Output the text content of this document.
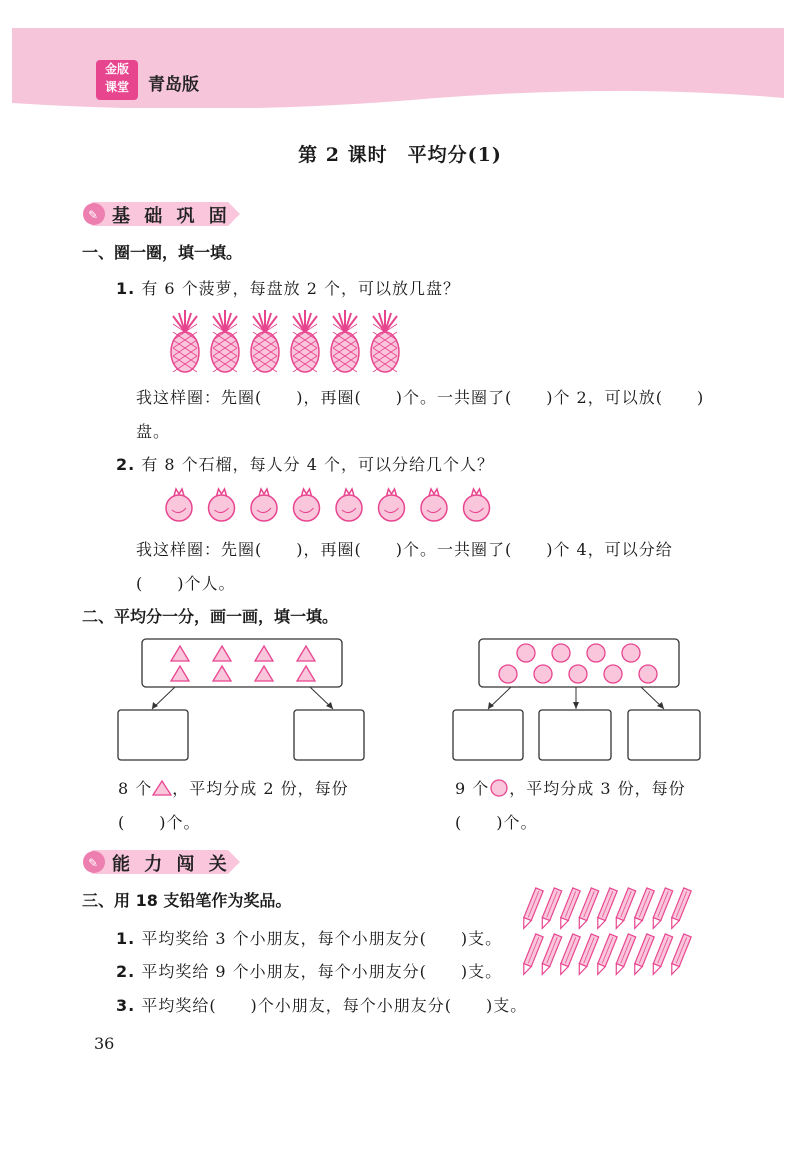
金版
课堂	青岛版
第 2 课时　平均分(1)
✎ 基 础 巩 固
一、圈一圈，填一填。
1. 有 6 个菠萝，每盘放 2 个，可以放几盘？
我这样圈：先圈(　　)，再圈(　　)个。一共圈了(　　)个 2，可以放(　　)
盘。
2. 有 8 个石榴，每人分 4 个，可以分给几个人？
我这样圈：先圈(　　)，再圈(　　)个。一共圈了(　　)个 4，可以分给
(　　)个人。
二、平均分一分，画一画，填一填。
8 个 ，平均分成 2 份，每份
(　　)个。
9 个 ，平均分成 3 份，每份
(　　)个。
✎ 能 力 闯 关
三、用 18 支铅笔作为奖品。
1. 平均奖给 3 个小朋友，每个小朋友分(　　)支。
2. 平均奖给 9 个小朋友，每个小朋友分(　　)支。
3. 平均奖给(　　)个小朋友，每个小朋友分(　　)支。
36
